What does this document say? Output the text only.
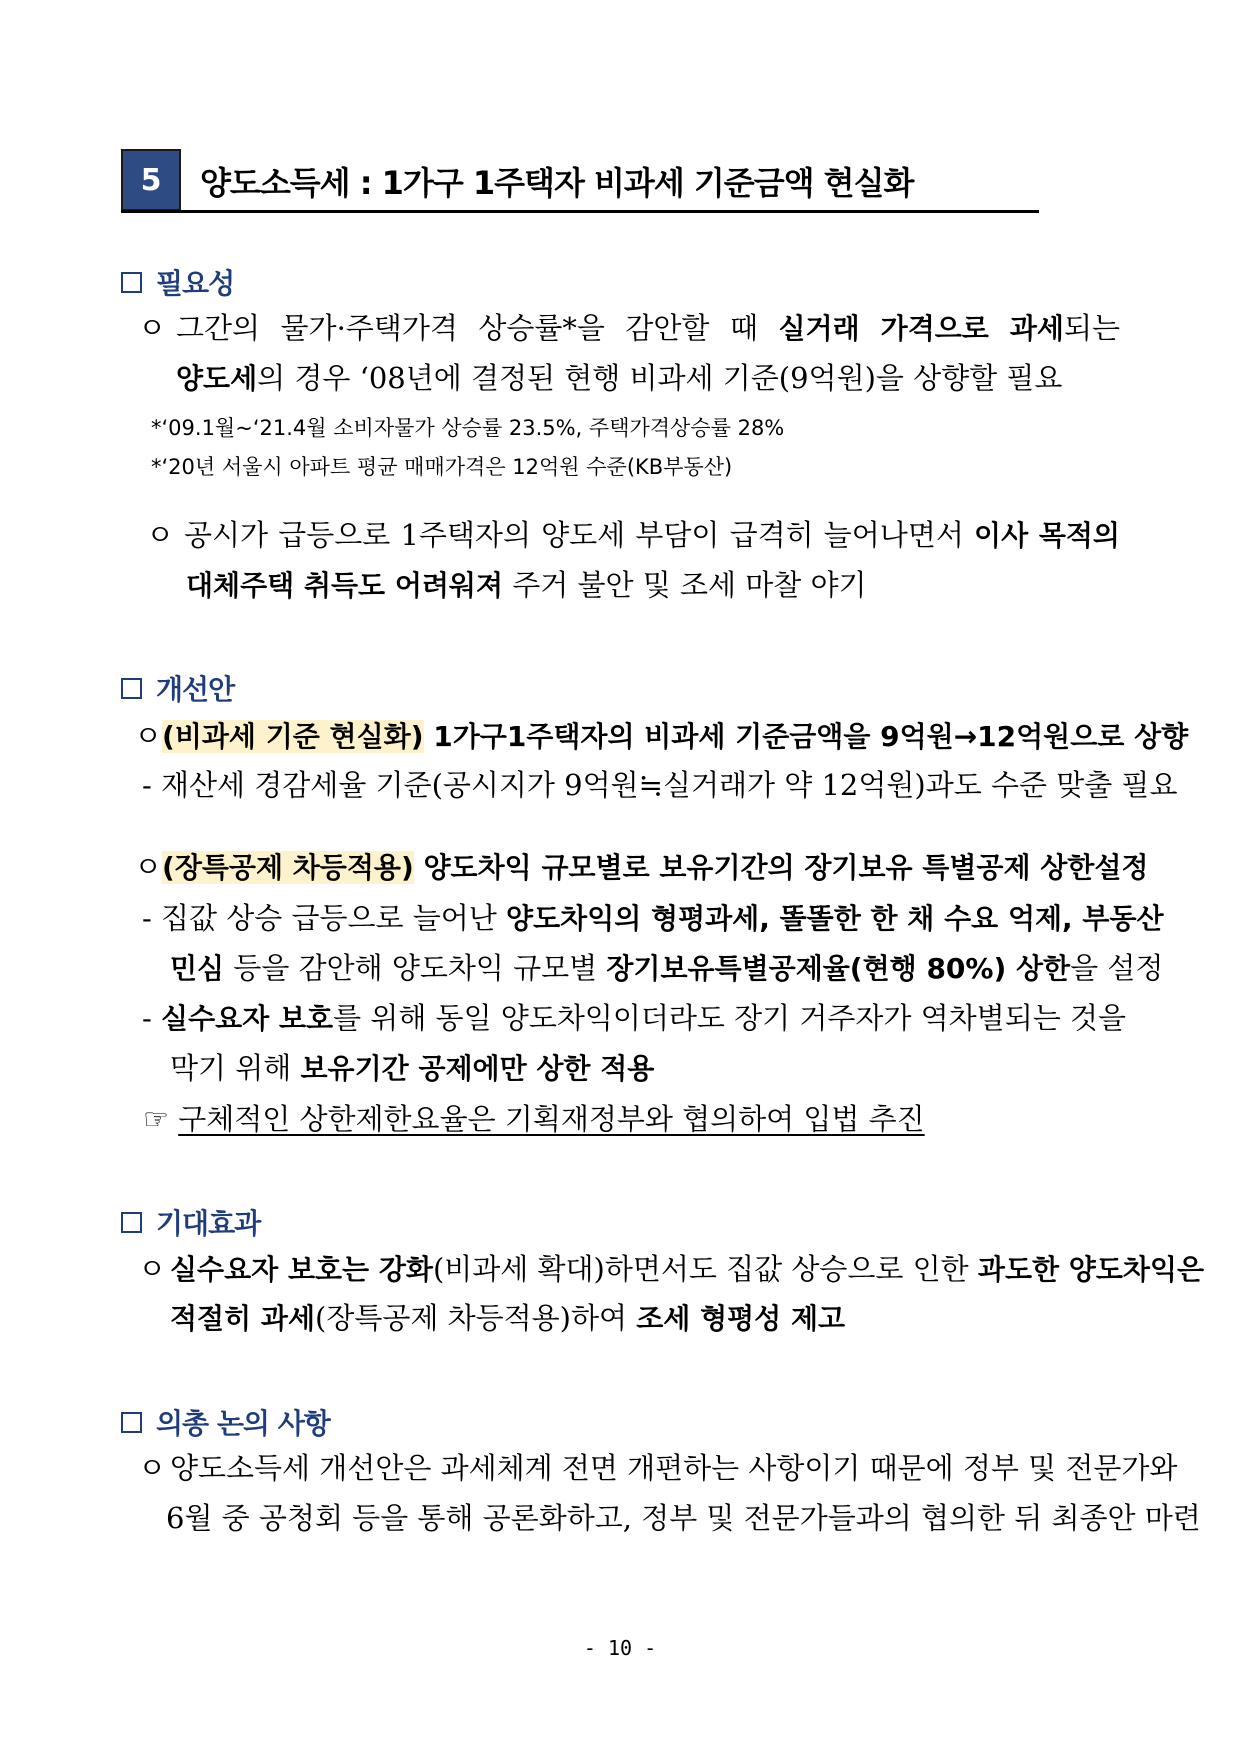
5	양도소득세 : 1가구 1주택자 비과세 기준금액 현실화
필요성
ㅇ 그간의 물가·주택가격 상승률*을 감안할 때 실거래 가격으로 과세되는
양도세의 경우 ‘08년에 결정된 현행 비과세 기준(9억원)을 상향할 필요
*‘09.1월~‘21.4월 소비자물가 상승률 23.5%, 주택가격상승률 28%
*‘20년 서울시 아파트 평균 매매가격은 12억원 수준(KB부동산)
ㅇ 공시가 급등으로 1주택자의 양도세 부담이 급격히 늘어나면서 이사 목적의
대체주택 취득도 어려워져 주거 불안 및 조세 마찰 야기
개선안
ㅇ(비과세 기준 현실화) 1가구1주택자의 비과세 기준금액을 9억원→12억원으로 상향
- 재산세 경감세율 기준(공시지가 9억원≒실거래가 약 12억원)과도 수준 맞출 필요
ㅇ(장특공제 차등적용) 양도차익 규모별로 보유기간의 장기보유 특별공제 상한설정
- 집값 상승 급등으로 늘어난 양도차익의 형평과세, 똘똘한 한 채 수요 억제, 부동산
민심 등을 감안해 양도차익 규모별 장기보유특별공제율(현행 80%) 상한을 설정
- 실수요자 보호를 위해 동일 양도차익이더라도 장기 거주자가 역차별되는 것을
막기 위해 보유기간 공제에만 상한 적용
☞ 구체적인 상한제한요율은 기획재정부와 협의하여 입법 추진
기대효과
ㅇ 실수요자 보호는 강화(비과세 확대)하면서도 집값 상승으로 인한 과도한 양도차익은
적절히 과세(장특공제 차등적용)하여 조세 형평성 제고
의총 논의 사항
ㅇ 양도소득세 개선안은 과세체계 전면 개편하는 사항이기 때문에 정부 및 전문가와
6월 중 공청회 등을 통해 공론화하고, 정부 및 전문가들과의 협의한 뒤 최종안 마련
- 10 -
